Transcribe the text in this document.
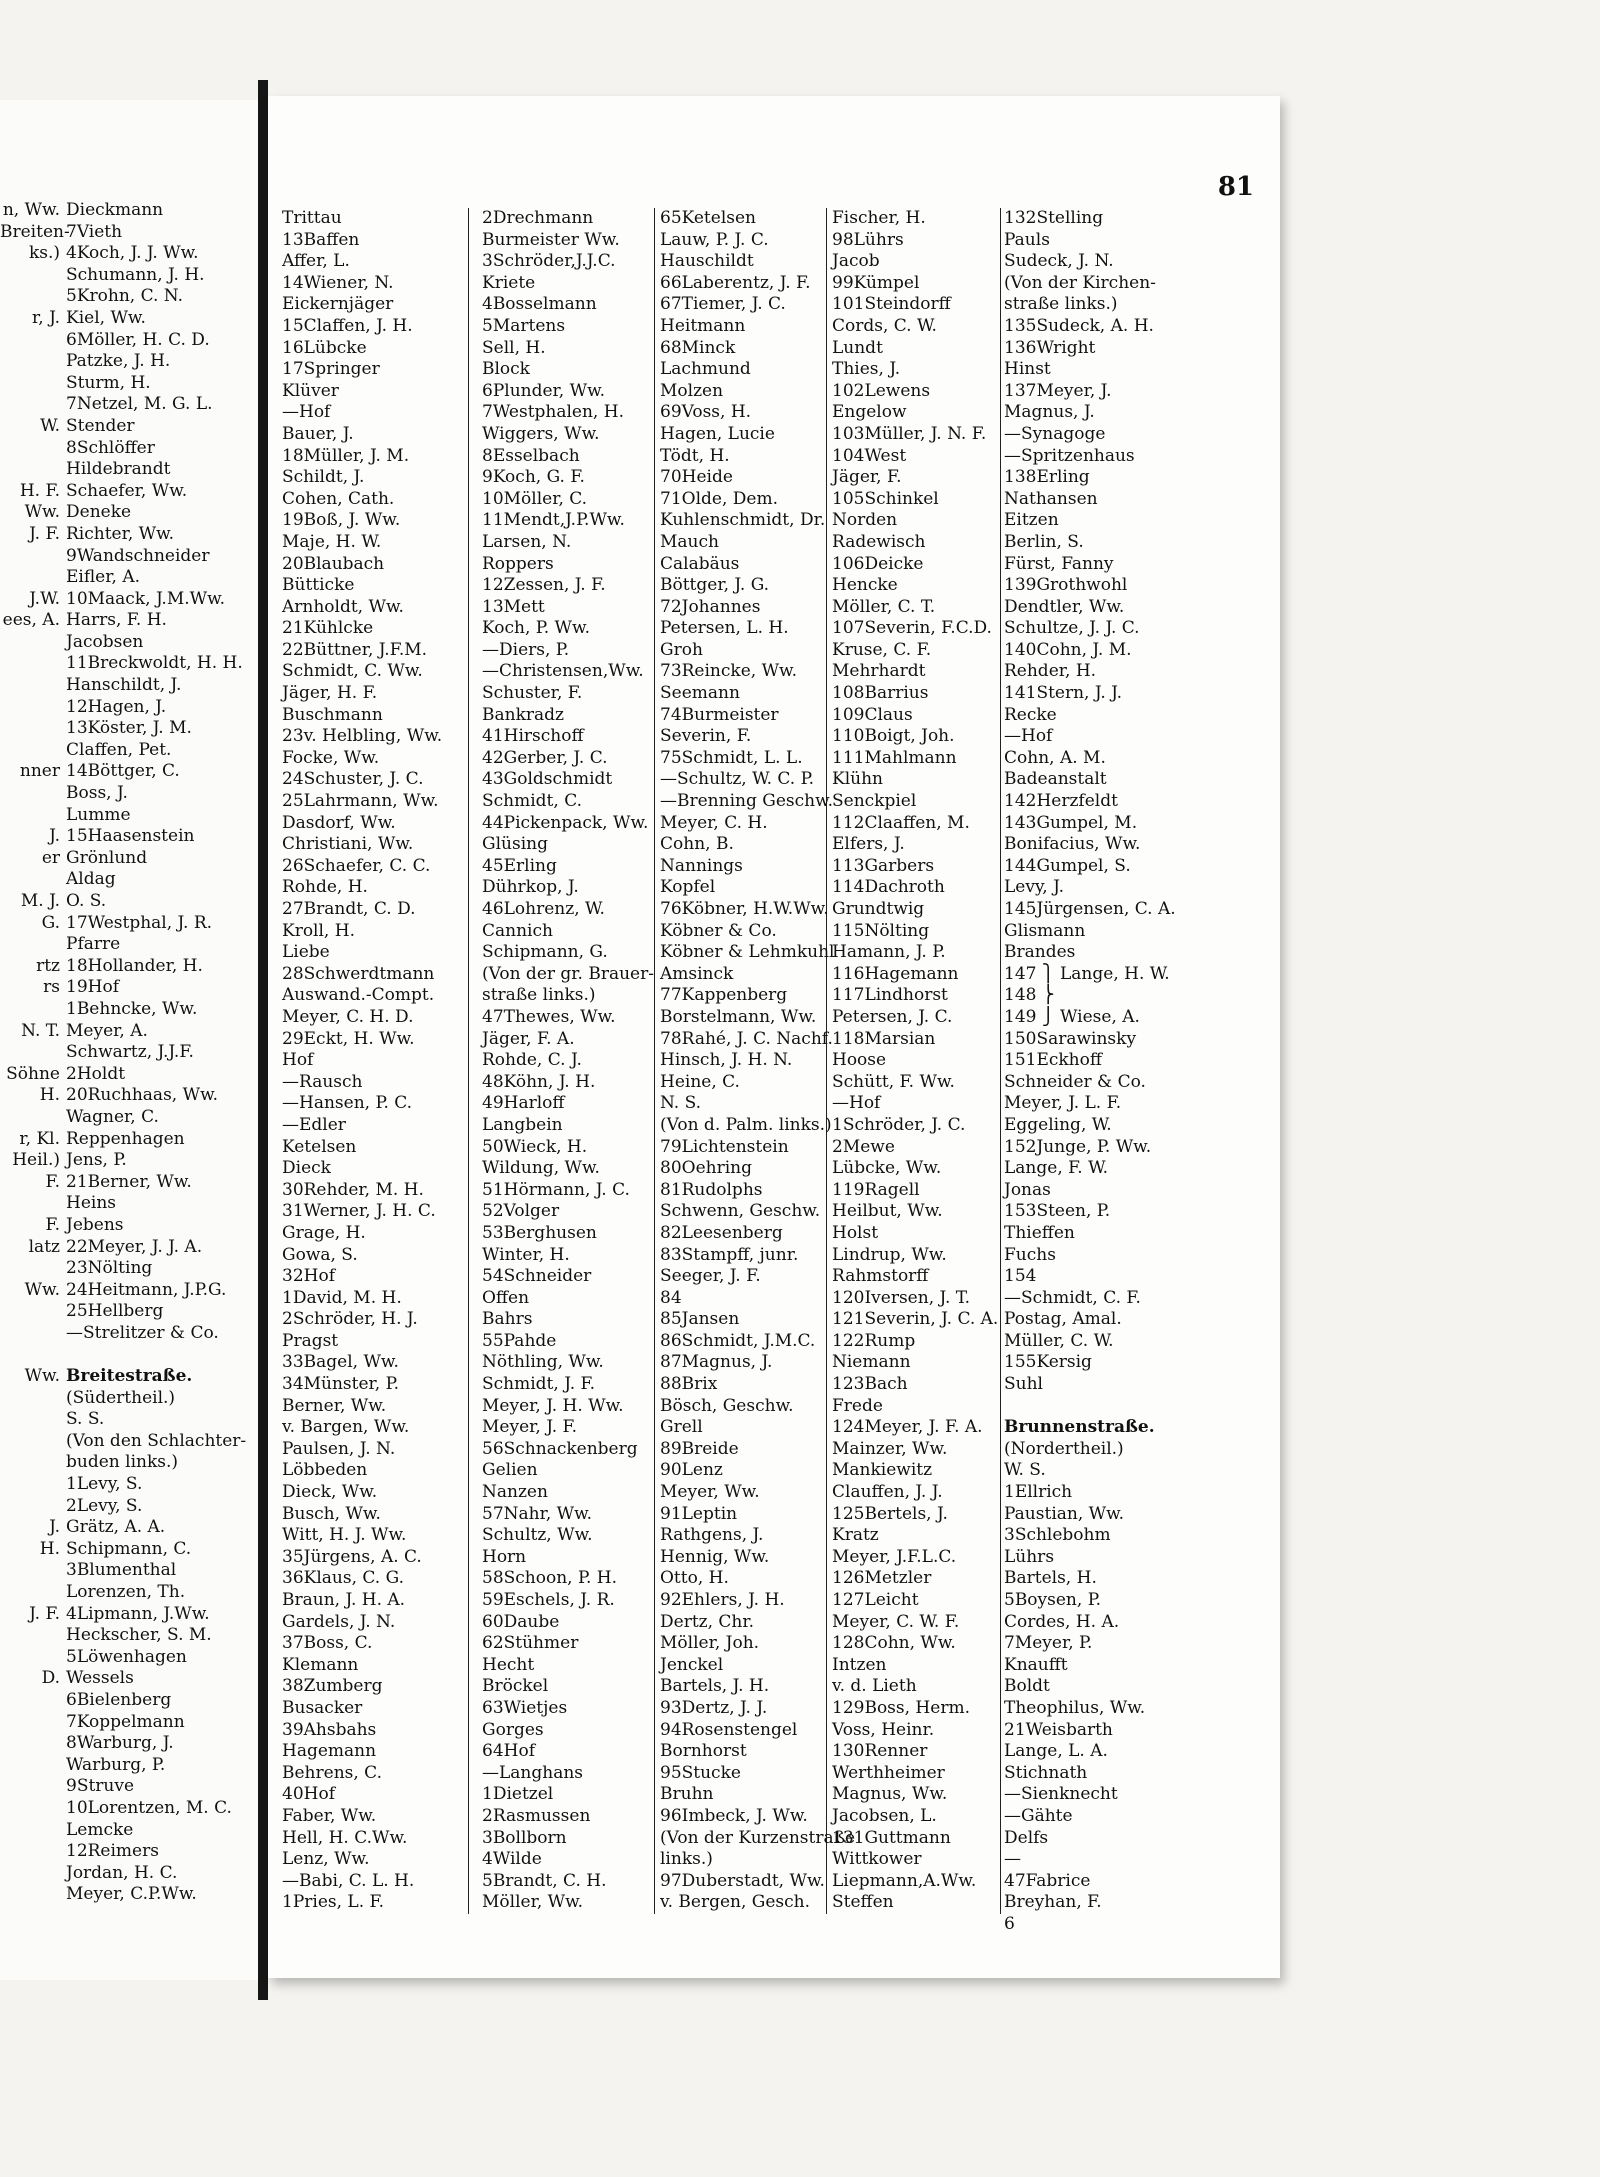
n, Ww.
Breiten-
ks.)
r, J.
W.
H. F.
Ww.
J. F.
J.W.
ees, A.
nner
J.
er
M. J.
G.
rtz
rs
N. T.
Söhne
H.
r, Kl.
Heil.)
F.
F.
latz
Ww.
Ww.
J.
H.
J. F.
D.
Dieckmann
7Vieth
4Koch, J. J. Ww.
Schumann, J. H.
5Krohn, C. N.
Kiel, Ww.
6Möller, H. C. D.
Patzke, J. H.
Sturm, H.
7Netzel, M. G. L.
Stender
8Schlöffer
Hildebrandt
Schaefer, Ww.
Deneke
Richter, Ww.
9Wandschneider
Eifler, A.
10Maack, J.M.Ww.
Harrs, F. H.
Jacobsen
11Breckwoldt, H. H.
Hanschildt, J.
12Hagen, J.
13Köster, J. M.
Claffen, Pet.
14Böttger, C.
Boss, J.
Lumme
15Haasenstein
Grönlund
Aldag
O. S.
17Westphal, J. R.
Pfarre
18Hollander, H.
19Hof
1Behncke, Ww.
Meyer, A.
Schwartz, J.J.F.
2Holdt
20Ruchhaas, Ww.
Wagner, C.
Reppenhagen
Jens, P.
21Berner, Ww.
Heins
Jebens
22Meyer, J. J. A.
23Nölting
24Heitmann, J.P.G.
25Hellberg
—Strelitzer & Co.
Breitestraße.
(Südertheil.)
S. S.
(Von den Schlachter-
buden links.)
1Levy, S.
2Levy, S.
Grätz, A. A.
Schipmann, C.
3Blumenthal
Lorenzen, Th.
4Lipmann, J.Ww.
Heckscher, S. M.
5Löwenhagen
Wessels
6Bielenberg
7Koppelmann
8Warburg, J.
Warburg, P.
9Struve
10Lorentzen, M. C.
Lemcke
12Reimers
Jordan, H. C.
Meyer, C.P.Ww.
81
Trittau
13Baffen
Affer, L.
14Wiener, N.
Eickernjäger
15Claffen, J. H.
16Lübcke
17Springer
Klüver
—Hof
Bauer, J.
18Müller, J. M.
Schildt, J.
Cohen, Cath.
19Boß, J. Ww.
Maje, H. W.
20Blaubach
Bütticke
Arnholdt, Ww.
21Kühlcke
22Büttner, J.F.M.
Schmidt, C. Ww.
Jäger, H. F.
Buschmann
23v. Helbling, Ww.
Focke, Ww.
24Schuster, J. C.
25Lahrmann, Ww.
Dasdorf, Ww.
Christiani, Ww.
26Schaefer, C. C.
Rohde, H.
27Brandt, C. D.
Kroll, H.
Liebe
28Schwerdtmann
Auswand.-Compt.
Meyer, C. H. D.
29Eckt, H. Ww.
Hof
—Rausch
—Hansen, P. C.
—Edler
Ketelsen
Dieck
30Rehder, M. H.
31Werner, J. H. C.
Grage, H.
Gowa, S.
32Hof
1David, M. H.
2Schröder, H. J.
Pragst
33Bagel, Ww.
34Münster, P.
Berner, Ww.
v. Bargen, Ww.
Paulsen, J. N.
Löbbeden
Dieck, Ww.
Busch, Ww.
Witt, H. J. Ww.
35Jürgens, A. C.
36Klaus, C. G.
Braun, J. H. A.
Gardels, J. N.
37Boss, C.
Klemann
38Zumberg
Busacker
39Ahsbahs
Hagemann
Behrens, C.
40Hof
Faber, Ww.
Hell, H. C.Ww.
Lenz, Ww.
—Babi, C. L. H.
1Pries, L. F.
2Drechmann
Burmeister Ww.
3Schröder,J.J.C.
Kriete
4Bosselmann
5Martens
Sell, H.
Block
6Plunder, Ww.
7Westphalen, H.
Wiggers, Ww.
8Esselbach
9Koch, G. F.
10Möller, C.
11Mendt,J.P.Ww.
Larsen, N.
Roppers
12Zessen, J. F.
13Mett
Koch, P. Ww.
—Diers, P.
—Christensen,Ww.
Schuster, F.
Bankradz
41Hirschoff
42Gerber, J. C.
43Goldschmidt
Schmidt, C.
44Pickenpack, Ww.
Glüsing
45Erling
Dührkop, J.
46Lohrenz, W.
Cannich
Schipmann, G.
(Von der gr. Brauer-
straße links.)
47Thewes, Ww.
Jäger, F. A.
Rohde, C. J.
48Köhn, J. H.
49Harloff
Langbein
50Wieck, H.
Wildung, Ww.
51Hörmann, J. C.
52Volger
53Berghusen
Winter, H.
54Schneider
Offen
Bahrs
55Pahde
Nöthling, Ww.
Schmidt, J. F.
Meyer, J. H. Ww.
Meyer, J. F.
56Schnackenberg
Gelien
Nanzen
57Nahr, Ww.
Schultz, Ww.
Horn
58Schoon, P. H.
59Eschels, J. R.
60Daube
62Stühmer
Hecht
Bröckel
63Wietjes
Gorges
64Hof
—Langhans
1Dietzel
2Rasmussen
3Bollborn
4Wilde
5Brandt, C. H.
Möller, Ww.
65Ketelsen
Lauw, P. J. C.
Hauschildt
66Laberentz, J. F.
67Tiemer, J. C.
Heitmann
68Minck
Lachmund
Molzen
69Voss, H.
Hagen, Lucie
Tödt, H.
70Heide
71Olde, Dem.
Kuhlenschmidt, Dr.
Mauch
Calabäus
Böttger, J. G.
72Johannes
Petersen, L. H.
Groh
73Reincke, Ww.
Seemann
74Burmeister
Severin, F.
75Schmidt, L. L.
—Schultz, W. C. P.
—Brenning Geschw.
Meyer, C. H.
Cohn, B.
Nannings
Kopfel
76Köbner, H.W.Ww.
Köbner & Co.
Köbner & Lehmkuhl
Amsinck
77Kappenberg
Borstelmann, Ww.
78Rahé, J. C. Nachf.
Hinsch, J. H. N.
Heine, C.
N. S.
(Von d. Palm. links.)
79Lichtenstein
80Oehring
81Rudolphs
Schwenn, Geschw.
82Leesenberg
83Stampff, junr.
Seeger, J. F.
84
85Jansen
86Schmidt, J.M.C.
87Magnus, J.
88Brix
Bösch, Geschw.
Grell
89Breide
90Lenz
Meyer, Ww.
91Leptin
Rathgens, J.
Hennig, Ww.
Otto, H.
92Ehlers, J. H.
Dertz, Chr.
Möller, Joh.
Jenckel
Bartels, J. H.
93Dertz, J. J.
94Rosenstengel
Bornhorst
95Stucke
Bruhn
96Imbeck, J. Ww.
(Von der Kurzenstraße
links.)
97Duberstadt, Ww.
v. Bergen, Gesch.
Fischer, H.
98Lührs
Jacob
99Kümpel
101Steindorff
Cords, C. W.
Lundt
Thies, J.
102Lewens
Engelow
103Müller, J. N. F.
104West
Jäger, F.
105Schinkel
Norden
Radewisch
106Deicke
Hencke
Möller, C. T.
107Severin, F.C.D.
Kruse, C. F.
Mehrhardt
108Barrius
109Claus
110Boigt, Joh.
111Mahlmann
Klühn
Senckpiel
112Claaffen, M.
Elfers, J.
113Garbers
114Dachroth
Grundtwig
115Nölting
Hamann, J. P.
116Hagemann
117Lindhorst
Petersen, J. C.
118Marsian
Hoose
Schütt, F. Ww.
—Hof
1Schröder, J. C.
2Mewe
Lübcke, Ww.
119Ragell
Heilbut, Ww.
Holst
Lindrup, Ww.
Rahmstorff
120Iversen, J. T.
121Severin, J. C. A.
122Rump
Niemann
123Bach
Frede
124Meyer, J. F. A.
Mainzer, Ww.
Mankiewitz
Clauffen, J. J.
125Bertels, J.
Kratz
Meyer, J.F.L.C.
126Metzler
127Leicht
Meyer, C. W. F.
128Cohn, Ww.
Intzen
v. d. Lieth
129Boss, Herm.
Voss, Heinr.
130Renner
Werthheimer
Magnus, Ww.
Jacobsen, L.
131Guttmann
Wittkower
Liepmann,A.Ww.
Steffen
132Stelling
Pauls
Sudeck, J. N.
(Von der Kirchen-
straße links.)
135Sudeck, A. H.
136Wright
Hinst
137Meyer, J.
Magnus, J.
—Synagoge
—Spritzenhaus
138Erling
Nathansen
Eitzen
Berlin, S.
Fürst, Fanny
139Grothwohl
Dendtler, Ww.
Schultze, J. J. C.
140Cohn, J. M.
Rehder, H.
141Stern, J. J.
Recke
—Hof
Cohn, A. M.
Badeanstalt
142Herzfeldt
143Gumpel, M.
Bonifacius, Ww.
144Gumpel, S.
Levy, J.
145Jürgensen, C. A.
Glismann
Brandes
147 ⎫ Lange, H. W.
148 ⎬
149 ⎭ Wiese, A.
150Sarawinsky
151Eckhoff
Schneider & Co.
Meyer, J. L. F.
Eggeling, W.
152Junge, P. Ww.
Lange, F. W.
Jonas
153Steen, P.
Thieffen
Fuchs
154
—Schmidt, C. F.
Postag, Amal.
Müller, C. W.
155Kersig
Suhl
Brunnenstraße.
(Nordertheil.)
W. S.
1Ellrich
Paustian, Ww.
3Schlebohm
Lührs
Bartels, H.
5Boysen, P.
Cordes, H. A.
7Meyer, P.
Knaufft
Boldt
Theophilus, Ww.
21Weisbarth
Lange, L. A.
Stichnath
—Sienknecht
—Gähte
Delfs
—
47Fabrice
Breyhan, F.
6
